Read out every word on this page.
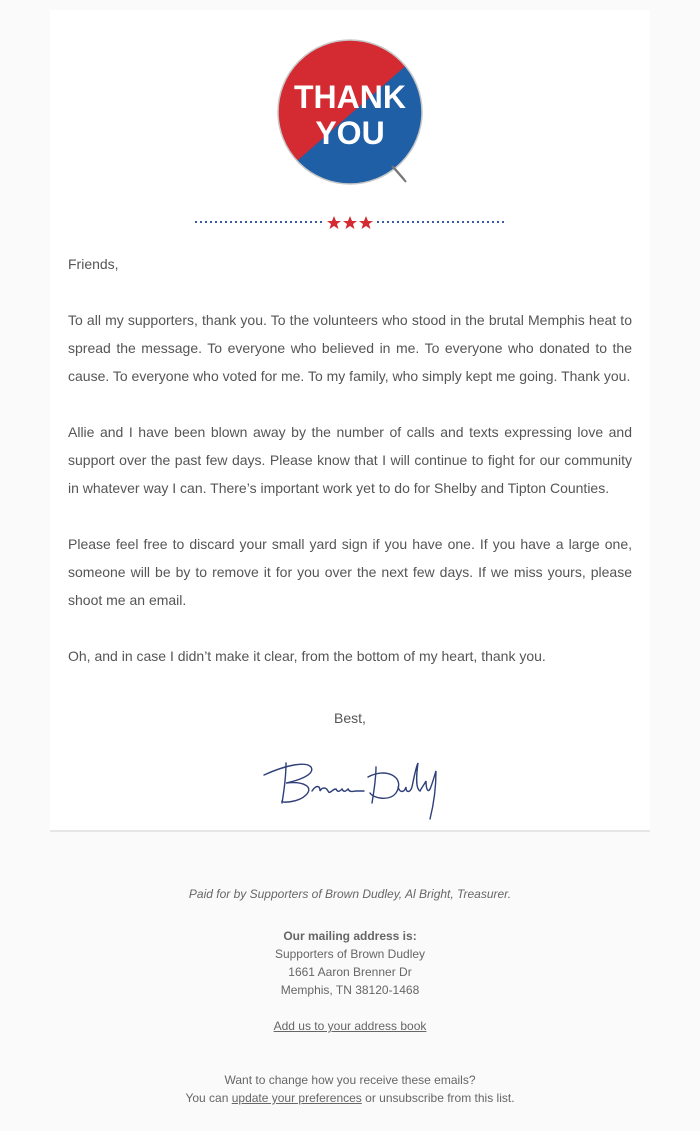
THANK
YOU

Friends,

To all my supporters, thank you. To the volunteers who stood in the brutal Memphis heat to spread the message. To everyone who believed in me. To everyone who donated to the cause. To everyone who voted for me. To my family, who simply kept me going. Thank you.

Allie and I have been blown away by the number of calls and texts expressing love and support over the past few days. Please know that I will continue to fight for our community in whatever way I can. There’s important work yet to do for Shelby and Tipton Counties.

Please feel free to discard your small yard sign if you have one. If you have a large one, someone will be by to remove it for you over the next few days. If we miss yours, please shoot me an email.

Oh, and in case I didn’t make it clear, from the bottom of my heart, thank you.

Best,
Paid for by Supporters of Brown Dudley, Al Bright, Treasurer.
Our mailing address is:
Supporters of Brown Dudley
1661 Aaron Brenner Dr
Memphis, TN 38120-1468
Add us to your address book
Want to change how you receive these emails?
You can update your preferences or unsubscribe from this list.
